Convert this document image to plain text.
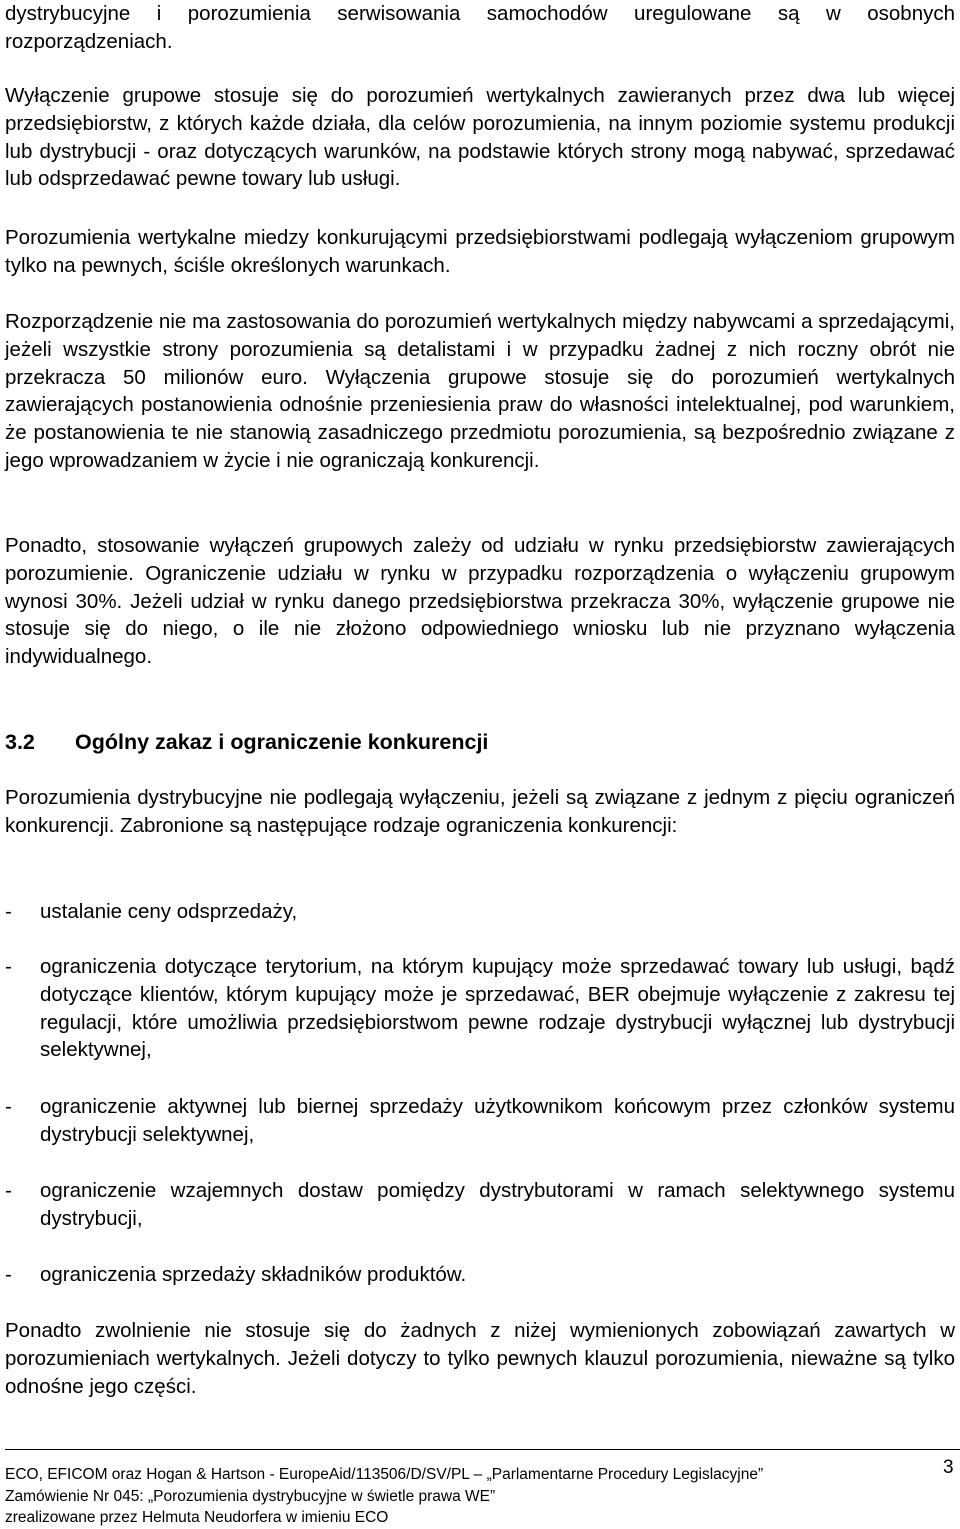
dystrybucyjne i porozumienia serwisowania samochodów uregulowane są w osobnych rozporządzeniach.

Wyłączenie grupowe stosuje się do porozumień wertykalnych zawieranych przez dwa lub więcej przedsiębiorstw, z których każde działa, dla celów porozumienia, na innym poziomie systemu produkcji lub dystrybucji - oraz dotyczących warunków, na podstawie których strony mogą nabywać, sprzedawać lub odsprzedawać pewne towary lub usługi.

Porozumienia wertykalne miedzy konkurującymi przedsiębiorstwami podlegają wyłączeniom grupowym tylko na pewnych, ściśle określonych warunkach.

Rozporządzenie nie ma zastosowania do porozumień wertykalnych między nabywcami a sprzedającymi, jeżeli wszystkie strony porozumienia są detalistami i w przypadku żadnej z nich roczny obrót nie przekracza 50 milionów euro. Wyłączenia grupowe stosuje się do porozumień wertykalnych zawierających postanowienia odnośnie przeniesienia praw do własności intelektualnej, pod warunkiem, że postanowienia te nie stanowią zasadniczego przedmiotu porozumienia, są bezpośrednio związane z jego wprowadzaniem w życie i nie ograniczają konkurencji.

Ponadto, stosowanie wyłączeń grupowych zależy od udziału w rynku przedsiębiorstw zawierających porozumienie. Ograniczenie udziału w rynku w przypadku rozporządzenia o wyłączeniu grupowym wynosi 30%. Jeżeli udział w rynku danego przedsiębiorstwa przekracza 30%, wyłączenie grupowe nie stosuje się do niego, o ile nie złożono odpowiedniego wniosku lub nie przyznano wyłączenia indywidualnego.

3.2 Ogólny zakaz i ograniczenie konkurencji

Porozumienia dystrybucyjne nie podlegają wyłączeniu, jeżeli są związane z jednym z pięciu ograniczeń konkurencji. Zabronione są następujące rodzaje ograniczenia konkurencji:

- ustalanie ceny odsprzedaży,
- ograniczenia dotyczące terytorium, na którym kupujący może sprzedawać towary lub usługi, bądź dotyczące klientów, którym kupujący może je sprzedawać, BER obejmuje wyłączenie z zakresu tej regulacji, które umożliwia przedsiębiorstwom pewne rodzaje dystrybucji wyłącznej lub dystrybucji selektywnej,
- ograniczenie aktywnej lub biernej sprzedaży użytkownikom końcowym przez członków systemu dystrybucji selektywnej,
- ograniczenie wzajemnych dostaw pomiędzy dystrybutorami w ramach selektywnego systemu dystrybucji,
- ograniczenia sprzedaży składników produktów.

Ponadto zwolnienie nie stosuje się do żadnych z niżej wymienionych zobowiązań zawartych w porozumieniach wertykalnych. Jeżeli dotyczy to tylko pewnych klauzul porozumienia, nieważne są tylko odnośne jego części.

ECO, EFICOM oraz Hogan & Hartson - EuropeAid/113506/D/SV/PL – „Parlamentarne Procedury Legislacyjne”
Zamówienie Nr 045: „Porozumienia dystrybucyjne w świetle prawa WE”
zrealizowane przez Helmuta Neudorfera w imieniu ECO
3
